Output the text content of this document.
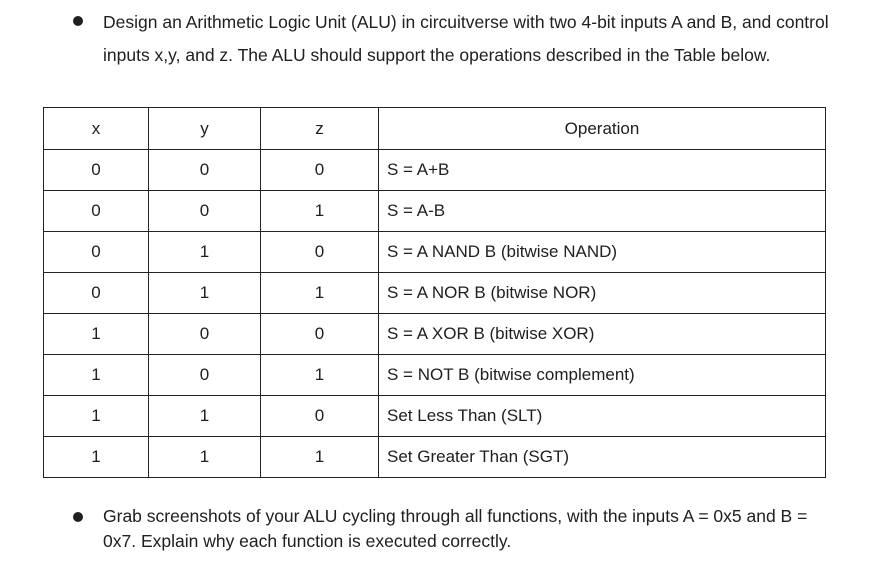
Design an Arithmetic Logic Unit (ALU) in circuitverse with two 4-bit inputs A and B, and control inputs x,y, and z. The ALU should support the operations described in the Table below.

x	y	z	Operation
0	0	0	S = A+B
0	0	1	S = A-B
0	1	0	S = A NAND B (bitwise NAND)
0	1	1	S = A NOR B (bitwise NOR)
1	0	0	S = A XOR B (bitwise XOR)
1	0	1	S = NOT B (bitwise complement)
1	1	0	Set Less Than (SLT)
1	1	1	Set Greater Than (SGT)

Grab screenshots of your ALU cycling through all functions, with the inputs A = 0x5 and B = 0x7. Explain why each function is executed correctly.
